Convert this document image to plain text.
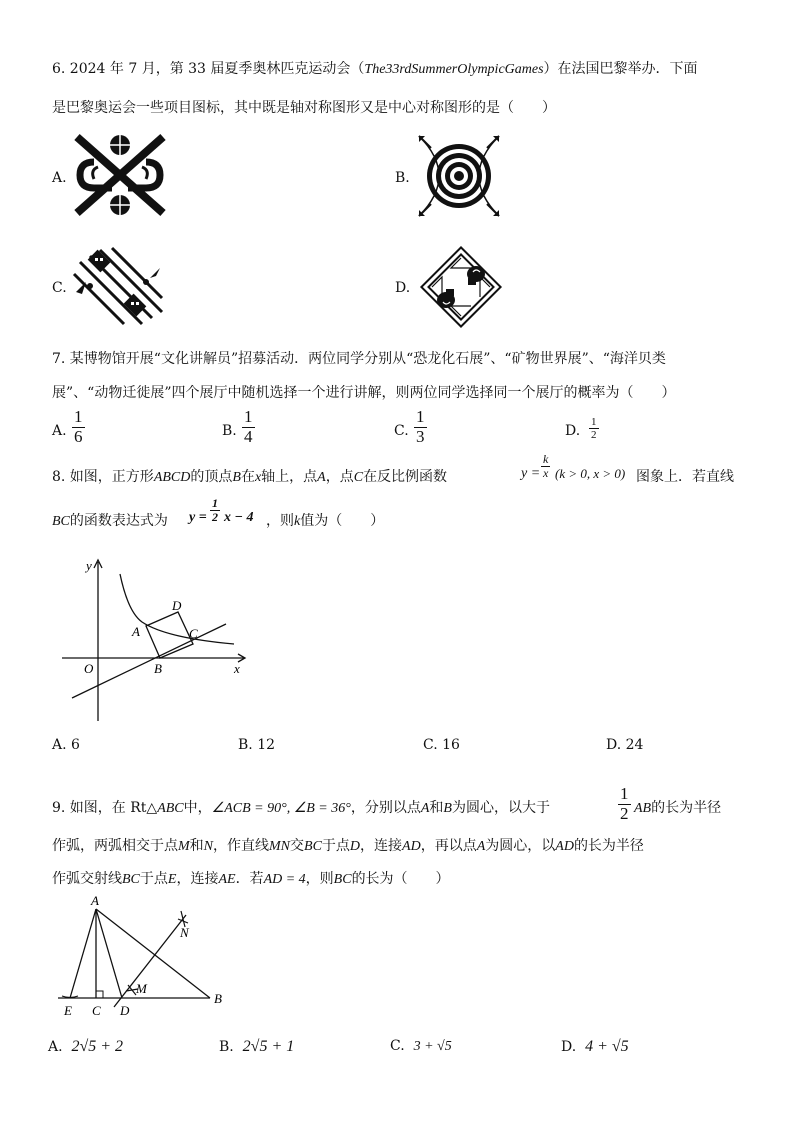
6. 2024 年 7 月，第 33 届夏季奥林匹克运动会（The33rdSummerOlympicGames）在法国巴黎举办．下面
是巴黎奥运会一些项目图标，其中既是轴对称图形又是中心对称图形的是（　　）
A.	B.
C.	D.
7. 某博物馆开展“文化讲解员”招募活动．两位同学分别从“恐龙化石展”、“矿物世界展”、“海洋贝类
展”、“动物迁徙展”四个展厅中随机选择一个进行讲解，则两位同学选择同一个展厅的概率为（　　）
A. $\frac{1}{6}$	B. $\frac{1}{4}$	C. $\frac{1}{3}$	D. $\frac{1}{2}$
8. 如图，正方形ABCD的顶点B在x轴上，点A，点C在反比例函数	$y = \frac{k}{x} (k > 0$, x > 0) 图象上．若直线
BC的函数表达式为 $y = \frac{1}{2}$ x − 4 ，则k值为（　　）
y
x
O
A
B
C
D
A. 6	B. 12	C. 16	D. 24
9. 如图，在 Rt△ABC中，∠ACB = 90°, ∠B = 36°，分别以点A和B为圆心，以大于	$\frac{1}{2}$ AB的长为半径
作弧，两弧相交于点M和N，作直线MN交BC于点D，连接AD，再以点A为圆心，以AD的长为半径
作弧交射线BC于点E，连接AE．若AD = 4，则BC的长为（　　）
A
B
E C D
M
N
A. 2√5 + 2	B. 2√5 + 1	C. 3 + √5	D. 4 + √5
